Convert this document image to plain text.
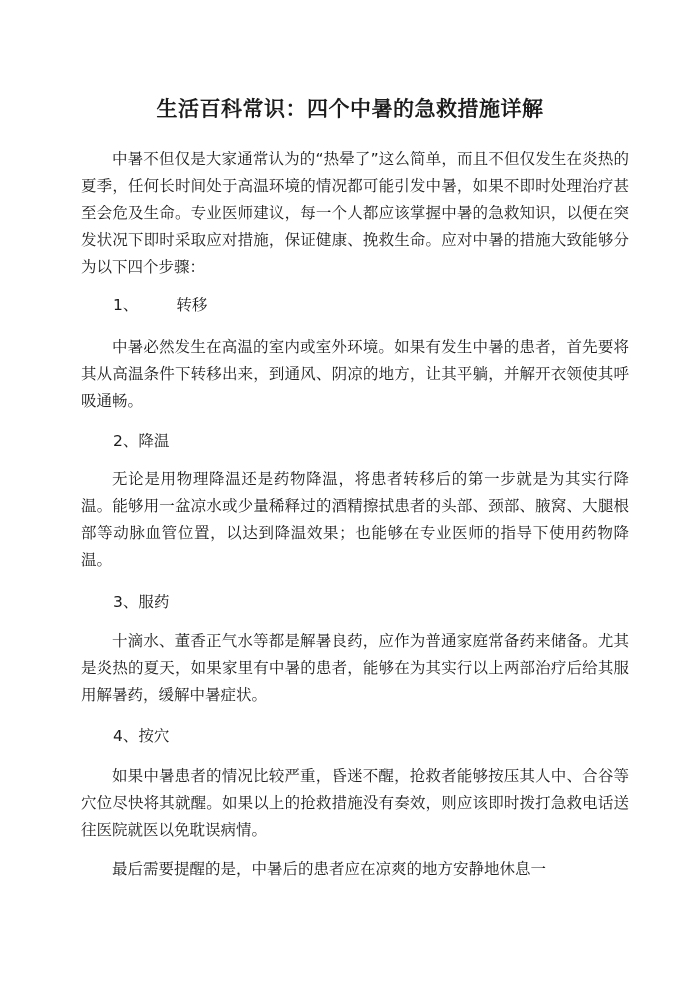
生活百科常识：四个中暑的急救措施详解

中暑不但仅是大家通常认为的“热晕了”这么简单，而且不但仅发生在炎热的夏季，任何长时间处于高温环境的情况都可能引发中暑，如果不即时处理治疗甚至会危及生命。专业医师建议，每一个人都应该掌握中暑的急救知识，以便在突发状况下即时采取应对措施，保证健康、挽救生命。应对中暑的措施大致能够分为以下四个步骤：

1、 转移

中暑必然发生在高温的室内或室外环境。如果有发生中暑的患者，首先要将其从高温条件下转移出来，到通风、阴凉的地方，让其平躺，并解开衣领使其呼吸通畅。

2、降温

无论是用物理降温还是药物降温，将患者转移后的第一步就是为其实行降温。能够用一盆凉水或少量稀释过的酒精擦拭患者的头部、颈部、腋窝、大腿根部等动脉血管位置，以达到降温效果；也能够在专业医师的指导下使用药物降温。

3、服药

十滴水、董香正气水等都是解暑良药，应作为普通家庭常备药来储备。尤其是炎热的夏天，如果家里有中暑的患者，能够在为其实行以上两部治疗后给其服用解暑药，缓解中暑症状。

4、按穴

如果中暑患者的情况比较严重，昏迷不醒，抢救者能够按压其人中、合谷等穴位尽快将其就醒。如果以上的抢救措施没有奏效，则应该即时拨打急救电话送往医院就医以免耽误病情。

最后需要提醒的是，中暑后的患者应在凉爽的地方安静地休息一
